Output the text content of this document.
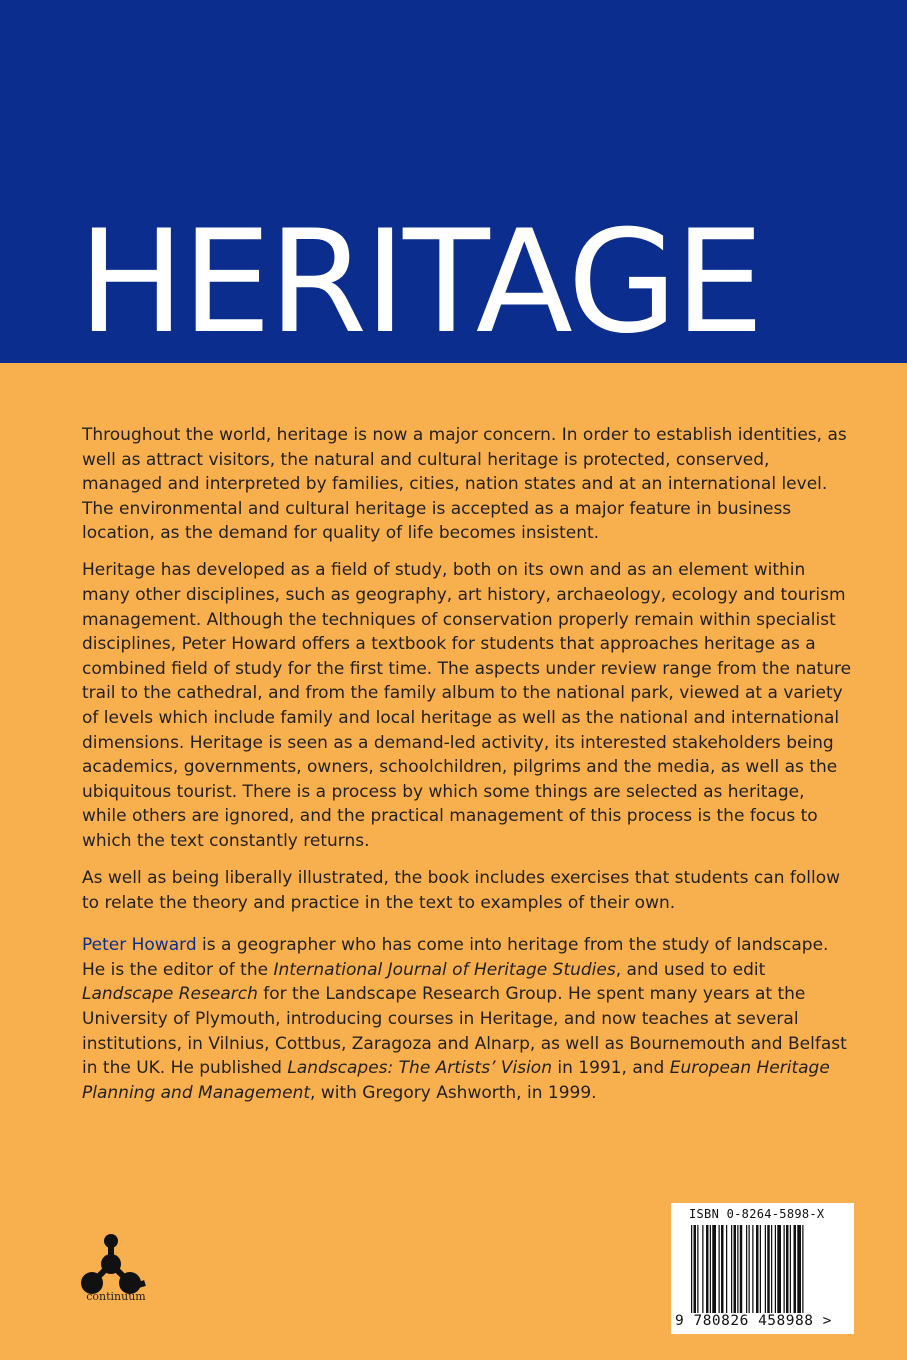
HERITAGE

Throughout the world, heritage is now a major concern. In order to establish identities, as well as attract visitors, the natural and cultural heritage is protected, conserved, managed and interpreted by families, cities, nation states and at an international level. The environmental and cultural heritage is accepted as a major feature in business location, as the demand for quality of life becomes insistent.

Heritage has developed as a field of study, both on its own and as an element within many other disciplines, such as geography, art history, archaeology, ecology and tourism management. Although the techniques of conservation properly remain within specialist disciplines, Peter Howard offers a textbook for students that approaches heritage as a combined field of study for the first time. The aspects under review range from the nature trail to the cathedral, and from the family album to the national park, viewed at a variety of levels which include family and local heritage as well as the national and international dimensions. Heritage is seen as a demand-led activity, its interested stakeholders being academics, governments, owners, schoolchildren, pilgrims and the media, as well as the ubiquitous tourist. There is a process by which some things are selected as heritage, while others are ignored, and the practical management of this process is the focus to which the text constantly returns.

As well as being liberally illustrated, the book includes exercises that students can follow to relate the theory and practice in the text to examples of their own.

Peter Howard is a geographer who has come into heritage from the study of landscape. He is the editor of the International Journal of Heritage Studies, and used to edit Landscape Research for the Landscape Research Group. He spent many years at the University of Plymouth, introducing courses in Heritage, and now teaches at several institutions, in Vilnius, Cottbus, Zaragoza and Alnarp, as well as Bournemouth and Belfast in the UK. He published Landscapes: The Artists’ Vision in 1991, and European Heritage Planning and Management, with Gregory Ashworth, in 1999.

continuum
ISBN 0-8264-5898-X
9 780826 458988 >
